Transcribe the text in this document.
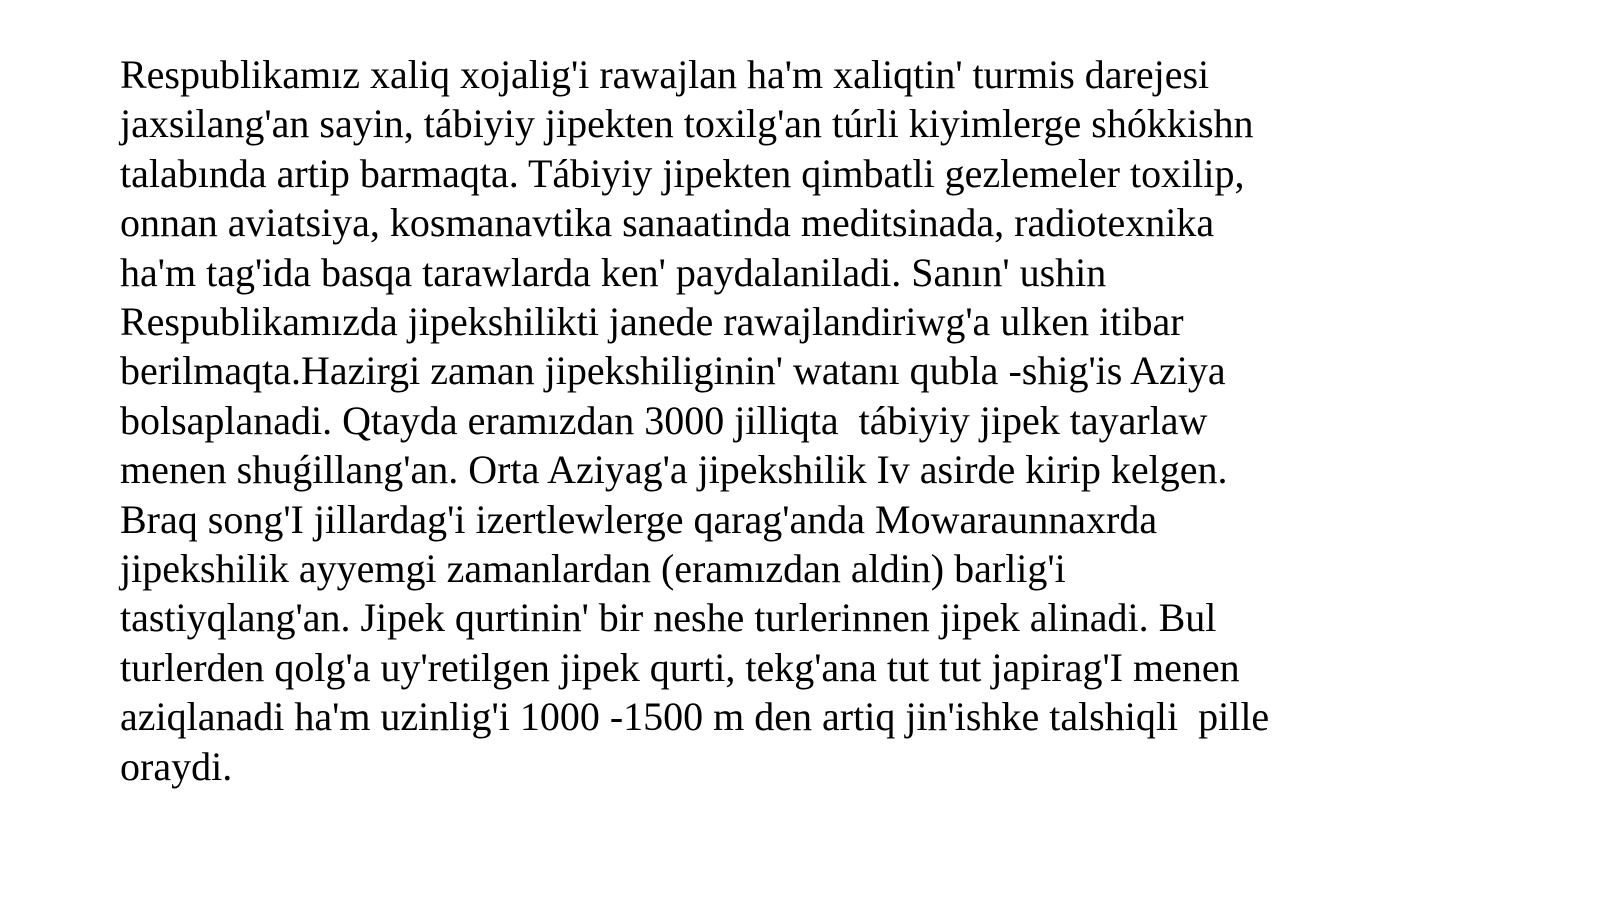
Respublikamız xaliq xojalig'i rawajlan ha'm xaliqtin' turmis darejesi
jaxsilang'an sayin, tábiyiy jipekten toxilg'an túrli kiyimlerge shókkishn
talabında artip barmaqta. Tábiyiy jipekten qimbatli gezlemeler toxilip,
onnan aviatsiya, kosmanavtika sanaatinda meditsinada, radiotexnika
ha'm tag'ida basqa tarawlarda ken' paydalaniladi. Sanın' ushin
Respublikamızda jipekshilikti janede rawajlandiriwg'a ulken itibar
berilmaqta.Hazirgi zaman jipekshiliginin' watanı qubla -shig'is Aziya
bolsaplanadi. Qtayda eramızdan 3000 jilliqta  tábiyiy jipek tayarlaw
menen shuǵillang'an. Orta Aziyag'a jipekshilik Iv asirde kirip kelgen.
Braq song'I jillardag'i izertlewlerge qarag'anda Mowaraunnaxrda
jipekshilik ayyemgi zamanlardan (eramızdan aldin) barlig'i
tastiyqlang'an. Jipek qurtinin' bir neshe turlerinnen jipek alinadi. Bul
turlerden qolg'a uy'retilgen jipek qurti, tekg'ana tut tut japirag'I menen
aziqlanadi ha'm uzinlig'i 1000 -1500 m den artiq jin'ishke talshiqli  pille
oraydi.
